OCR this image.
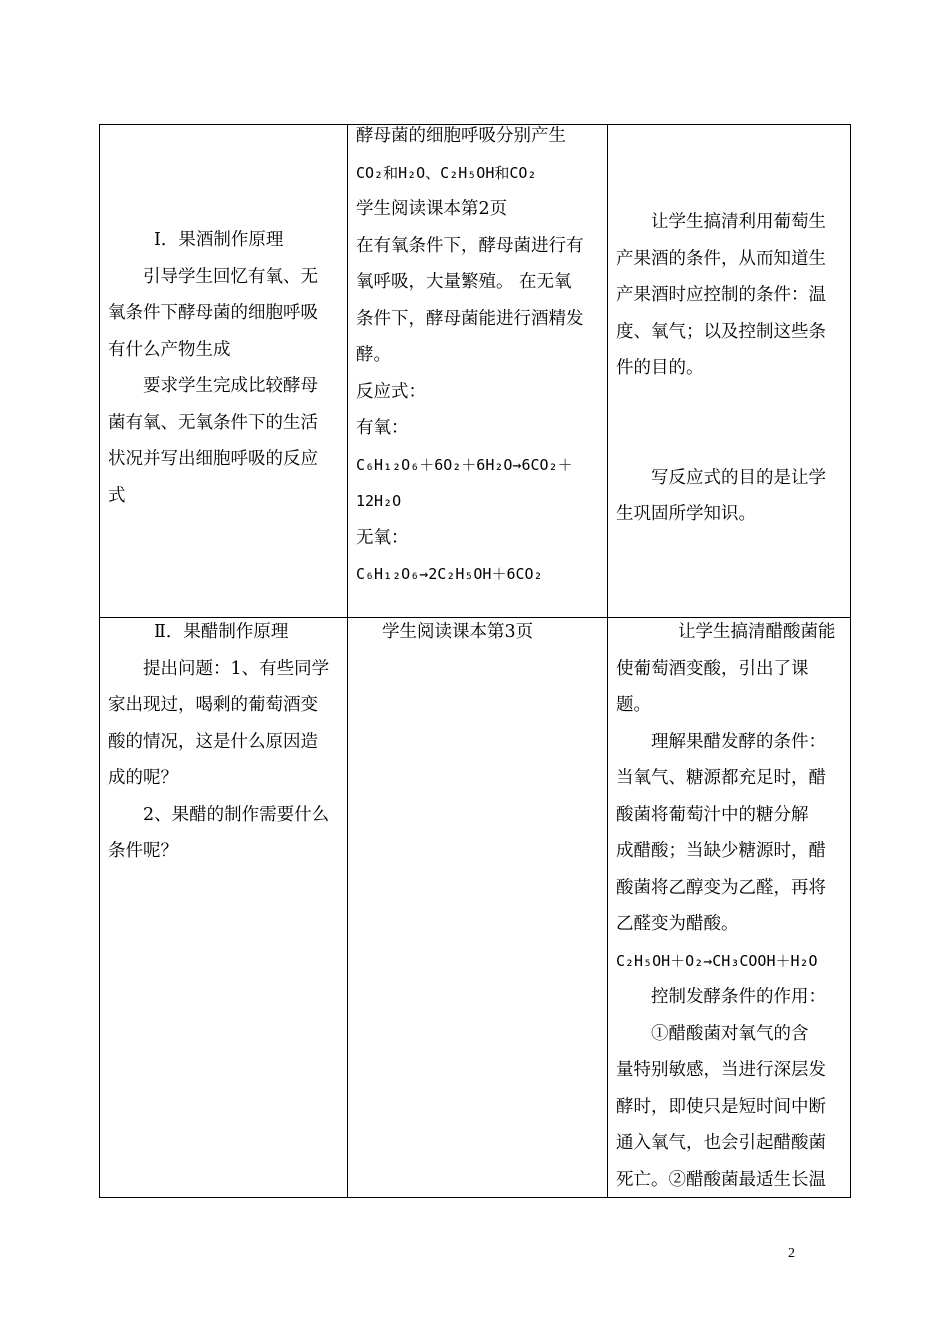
Ⅰ．果酒制作原理
引导学生回忆有氧、无
氧条件下酵母菌的细胞呼吸
有什么产物生成
要求学生完成比较酵母
菌有氧、无氧条件下的生活
状况并写出细胞呼吸的反应
式
酵母菌的细胞呼吸分别产生
CO₂和H₂O、C₂H₅OH和CO₂
学生阅读课本第2页
在有氧条件下，酵母菌进行有
氧呼吸，大量繁殖。 在无氧
条件下，酵母菌能进行酒精发
酵。
反应式：
有氧：
C₆H₁₂O₆＋6O₂＋6H₂O→6CO₂＋
12H₂O
无氧：
C₆H₁₂O₆→2C₂H₅OH＋6CO₂
让学生搞清利用葡萄生
产果酒的条件，从而知道生
产果酒时应控制的条件：温
度、氧气；以及控制这些条
件的目的。
写反应式的目的是让学
生巩固所学知识。
Ⅱ．果醋制作原理
提出问题：1、有些同学
家出现过，喝剩的葡萄酒变
酸的情况，这是什么原因造
成的呢？
2、果醋的制作需要什么
条件呢？
学生阅读课本第3页	让学生搞清醋酸菌能
使葡萄酒变酸，引出了课
题。
理解果醋发酵的条件：
当氧气、糖源都充足时，醋
酸菌将葡萄汁中的糖分解
成醋酸；当缺少糖源时，醋
酸菌将乙醇变为乙醛，再将
乙醛变为醋酸。
C₂H₅OH＋O₂→CH₃COOH＋H₂O
控制发酵条件的作用：
①醋酸菌对氧气的含
量特别敏感，当进行深层发
酵时，即使只是短时间中断
通入氧气，也会引起醋酸菌
死亡。②醋酸菌最适生长温
2
